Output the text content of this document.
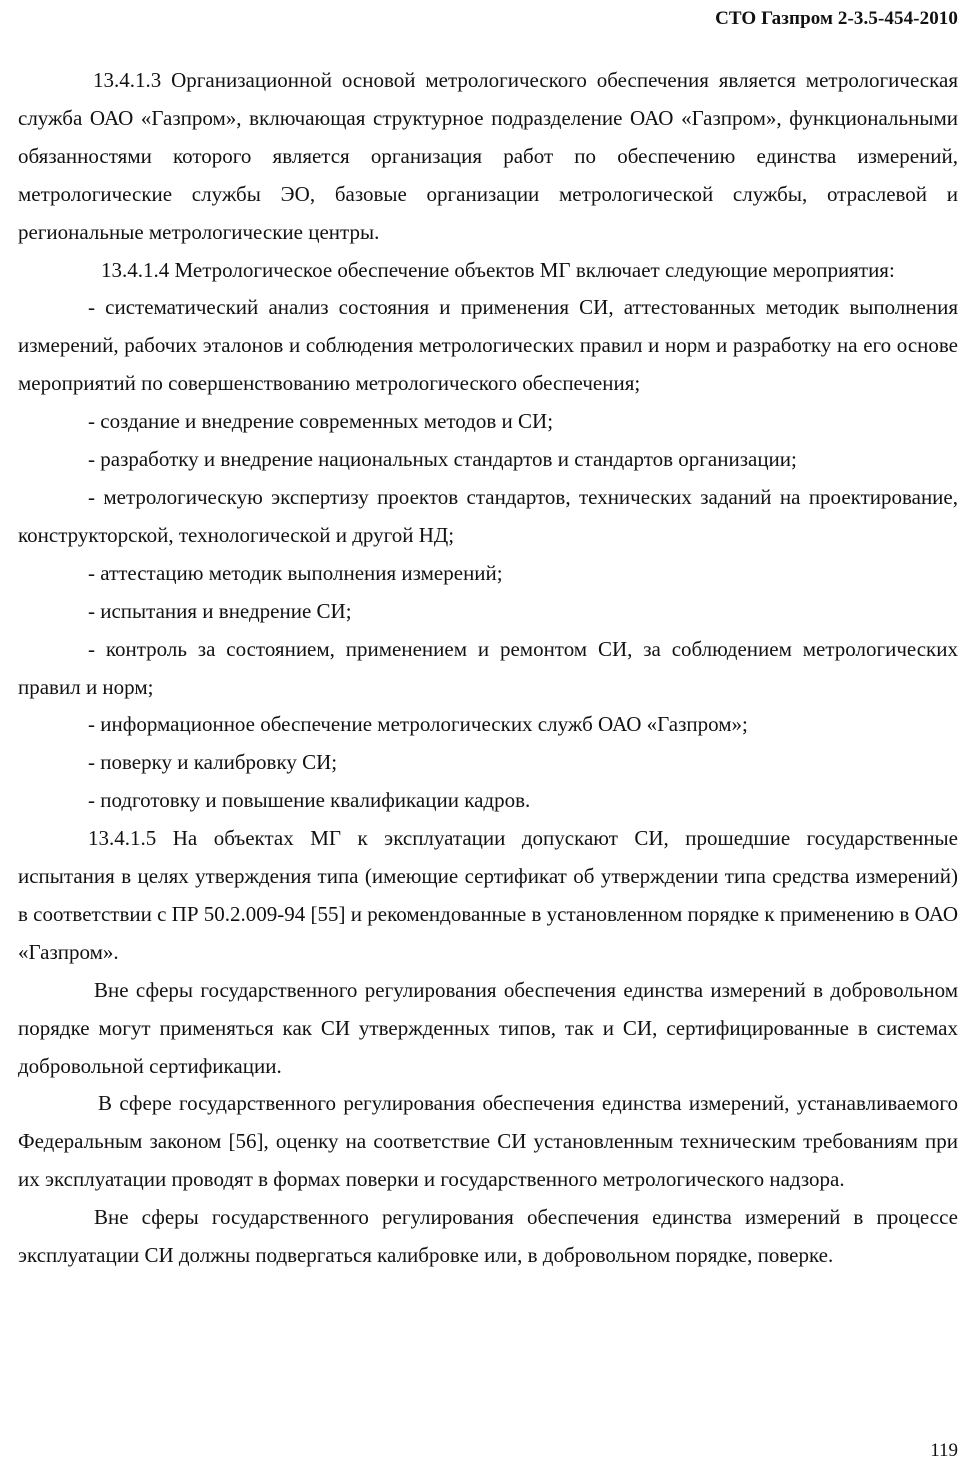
СТО Газпром 2-3.5-454-2010

13.4.1.3 Организационной основой метрологического обеспечения является метрологическая служба ОАО «Газпром», включающая структурное подразделение ОАО «Газпром», функциональными обязанностями которого является организация работ по обеспечению единства измерений, метрологические службы ЭО, базовые организации метрологической службы, отраслевой и региональные метрологические центры.

13.4.1.4 Метрологическое обеспечение объектов МГ включает следующие мероприятия:

- систематический анализ состояния и применения СИ, аттестованных методик выполнения измерений, рабочих эталонов и соблюдения метрологических правил и норм и разработку на его основе мероприятий по совершенствованию метрологического обеспечения;

- создание и внедрение современных методов и СИ;

- разработку и внедрение национальных стандартов и стандартов организации;

- метрологическую экспертизу проектов стандартов, технических заданий на проектирование, конструкторской, технологической и другой НД;

- аттестацию методик выполнения измерений;

- испытания и внедрение СИ;

- контроль за состоянием, применением и ремонтом СИ, за соблюдением метрологических правил и норм;

- информационное обеспечение метрологических служб ОАО «Газпром»;

- поверку и калибровку СИ;

- подготовку и повышение квалификации кадров.

13.4.1.5 На объектах МГ к эксплуатации допускают СИ, прошедшие государственные испытания в целях утверждения типа (имеющие сертификат об утверждении типа средства измерений) в соответствии с ПР 50.2.009-94 [55] и рекомендованные в установленном порядке к применению в ОАО «Газпром».

Вне сферы государственного регулирования обеспечения единства измерений в добровольном порядке могут применяться как СИ утвержденных типов, так и СИ, сертифицированные в системах добровольной сертификации.

В сфере государственного регулирования обеспечения единства измерений, устанавливаемого Федеральным законом [56], оценку на соответствие СИ установленным техническим требованиям при их эксплуатации проводят в формах поверки и государственного метрологического надзора.

Вне сферы государственного регулирования обеспечения единства измерений в процессе эксплуатации СИ должны подвергаться калибровке или, в добровольном порядке, поверке.

119
